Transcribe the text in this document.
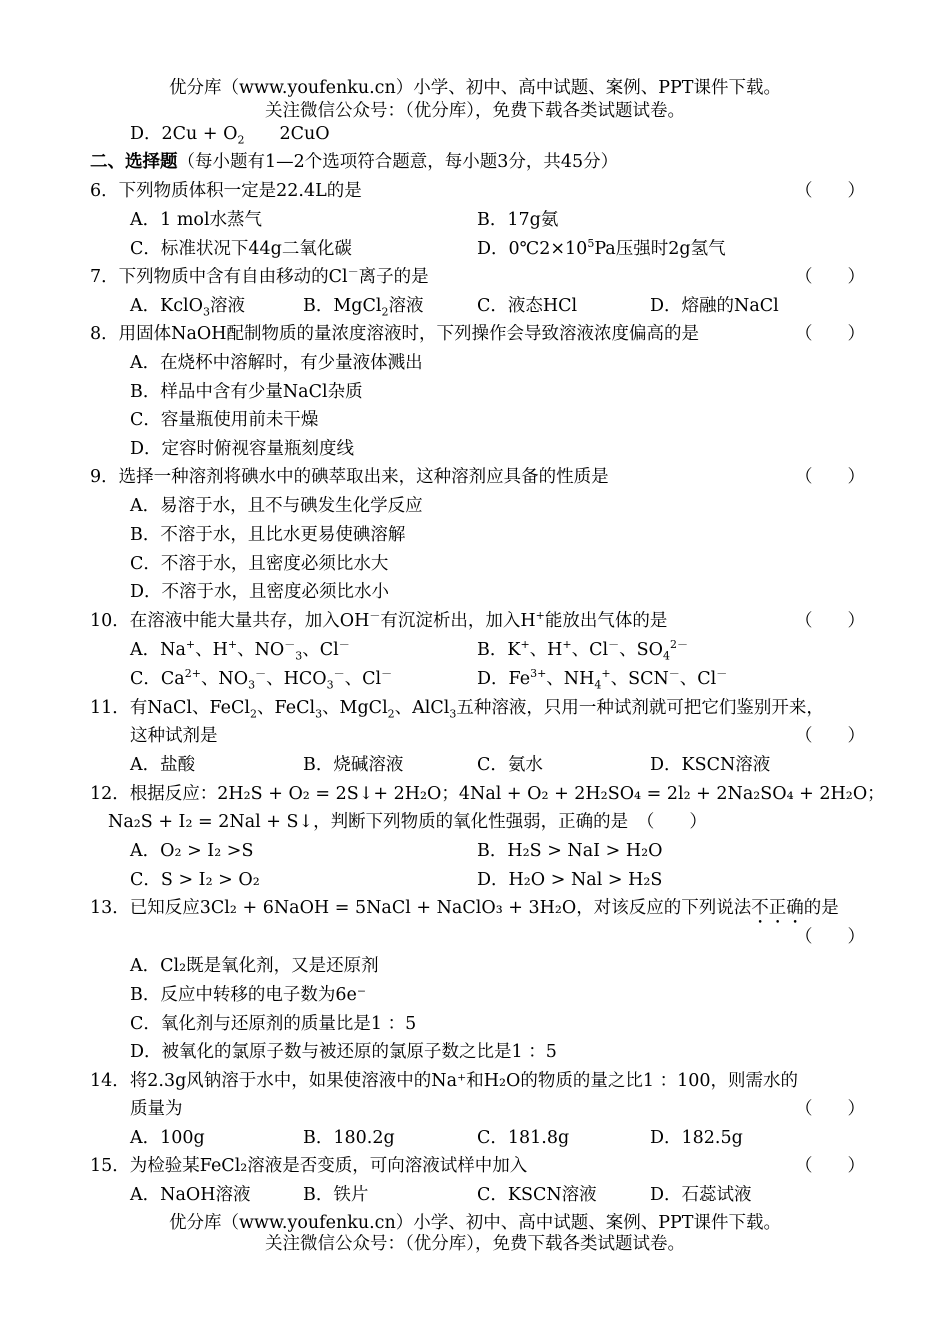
优分库（www.youfenku.cn）小学、初中、高中试题、案例、PPT课件下载。
关注微信公众号：（优分库），免费下载各类试题试卷。
D．$2Cu + O_2$　　2CuO
二、选择题（每小题有1—2个选项符合题意，每小题3分，共45分）
6．下列物质体积一定是22.4L的是	（　　）
A．1 mol水蒸气	B．17g氨
C．标准状况下44g二氧化碳	D．$0℃2\times 10^5Pa$压强时2g氢气
7．下列物质中含有自由移动的Cl－离子的是	（　　）
A．KclO$_3$溶液	B．MgCl$_2$溶液	C．液态HCl	D．熔融的NaCl
8．用固体NaOH配制物质的量浓度溶液时，下列操作会导致溶液浓度偏高的是	（　　）
A．在烧杯中溶解时，有少量液体溅出
B．样品中含有少量NaCl杂质
C．容量瓶使用前未干燥
D．定容时俯视容量瓶刻度线
9．选择一种溶剂将碘水中的碘萃取出来，这种溶剂应具备的性质是	（　　）
A．易溶于水，且不与碘发生化学反应
B．不溶于水，且比水更易使碘溶解
C．不溶于水，且密度必须比水大
D．不溶于水，且密度必须比水小
10．在溶液中能大量共存，加入OH－有沉淀析出，加入H+能放出气体的是	（　　）
A．Na+、H+、$NO^-_3$、Cl－	B．K+、H+、Cl－、$SO_4^{2-}$
C．$Ca^{2+}$、$NO_3^-$、$HCO_3^-$、Cl－	D．$Fe^{3+}$、$NH_4^+$、SCN－、Cl－
11．有NaCl、FeCl$_2$、FeCl$_3$、MgCl$_2$、AlCl$_3$五种溶液，只用一种试剂就可把它们鉴别开来，
这种试剂是	（　　）
A．盐酸	B．烧碱溶液	C．氨水	D．KSCN溶液
12．根据反应：2H₂S + O₂ = 2S↓+ 2H₂O；4Nal + O₂ + 2H₂SO₄ = 2l₂ + 2Na₂SO₄ + 2H₂O；
Na₂S + I₂ = 2Nal + S↓，判断下列物质的氧化性强弱，正确的是　（　　）
A．O₂ > I₂ >S	B．H₂S > NaI > H₂O
C．S > I₂ > O₂	D．H₂O > Nal > H₂S
13．已知反应3Cl₂ + 6NaOH = 5NaCl + NaClO₃ + 3H₂O，对该反应的下列说法不正确的是
（　　）
A．Cl₂既是氧化剂，又是还原剂
B．反应中转移的电子数为6e⁻
C．氧化剂与还原剂的质量比是1 ：5
D．被氧化的氯原子数与被还原的氯原子数之比是1 ：5
14．将2.3g风钠溶于水中，如果使溶液中的Na⁺和H₂O的物质的量之比1 ：100，则需水的
质量为	（　　）
A．100g	B．180.2g	C．181.8g	D．182.5g
15．为检验某FeCl₂溶液是否变质，可向溶液试样中加入	（　　）
A．NaOH溶液	B．铁片	C．KSCN溶液	D．石蕊试液
优分库（www.youfenku.cn）小学、初中、高中试题、案例、PPT课件下载。
关注微信公众号：（优分库），免费下载各类试题试卷。
